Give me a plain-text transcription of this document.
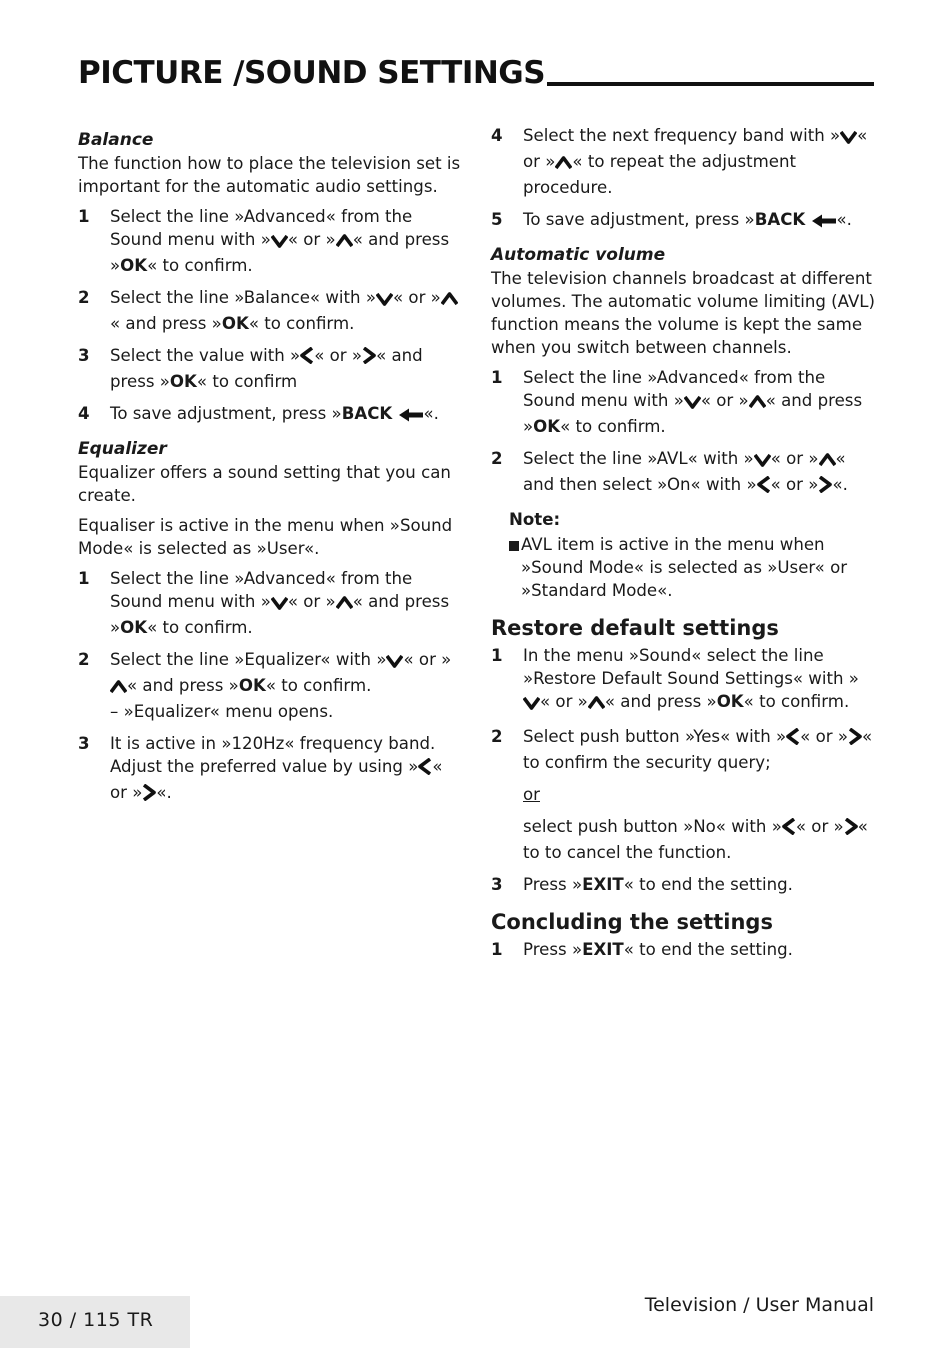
PICTURE /SOUND SETTINGS
Balance

The function how to place the television set is important for the automatic audio settings.

1 Select the line »Advanced« from the Sound menu with » « or » « and press »OK« to confirm.
2 Select the line »Balance« with » « or »« and press »OK« to confirm.
3 Select the value with » « or » « and press »OK« to confirm
4 To save adjustment, press »BACK «.
Equalizer

Equalizer offers a sound setting that you can create.

Equaliser is active in the menu when »Sound Mode« is selected as »User«.

1 Select the line »Advanced« from the Sound menu with » « or » « and press »OK« to confirm.
2 Select the line »Equalizer« with » « or »« and press »OK« to confirm.
– »Equalizer« menu opens.
3 It is active in »120Hz« frequency band. Adjust the preferred value by using » « or » «.
4 Select the next frequency band with » « or » « to repeat the adjustment procedure.
5 To save adjustment, press »BACK «.
Automatic volume

The television channels broadcast at different volumes. The automatic volume limiting (AVL) function means the volume is kept the same when you switch between channels.

1 Select the line »Advanced« from the Sound menu with » « or » « and press »OK« to confirm.
2 Select the line »AVL« with » « or » « and then select »On« with » « or » «.
Note:
AVL item is active in the menu when »Sound Mode« is selected as »User« or »Standard Mode«.
Restore default settings
1 In the menu »Sound« select the line »Restore Default Sound Settings« with »« or » « and press »OK« to confirm.
2 Select push button »Yes« with » « or » « to confirm the security query;
or
select push button »No« with » « or » « to to cancel the function.
3 Press »EXIT« to end the setting.
Concluding the settings
1 Press »EXIT« to end the setting.
30 / 115 TR
Television / User Manual
